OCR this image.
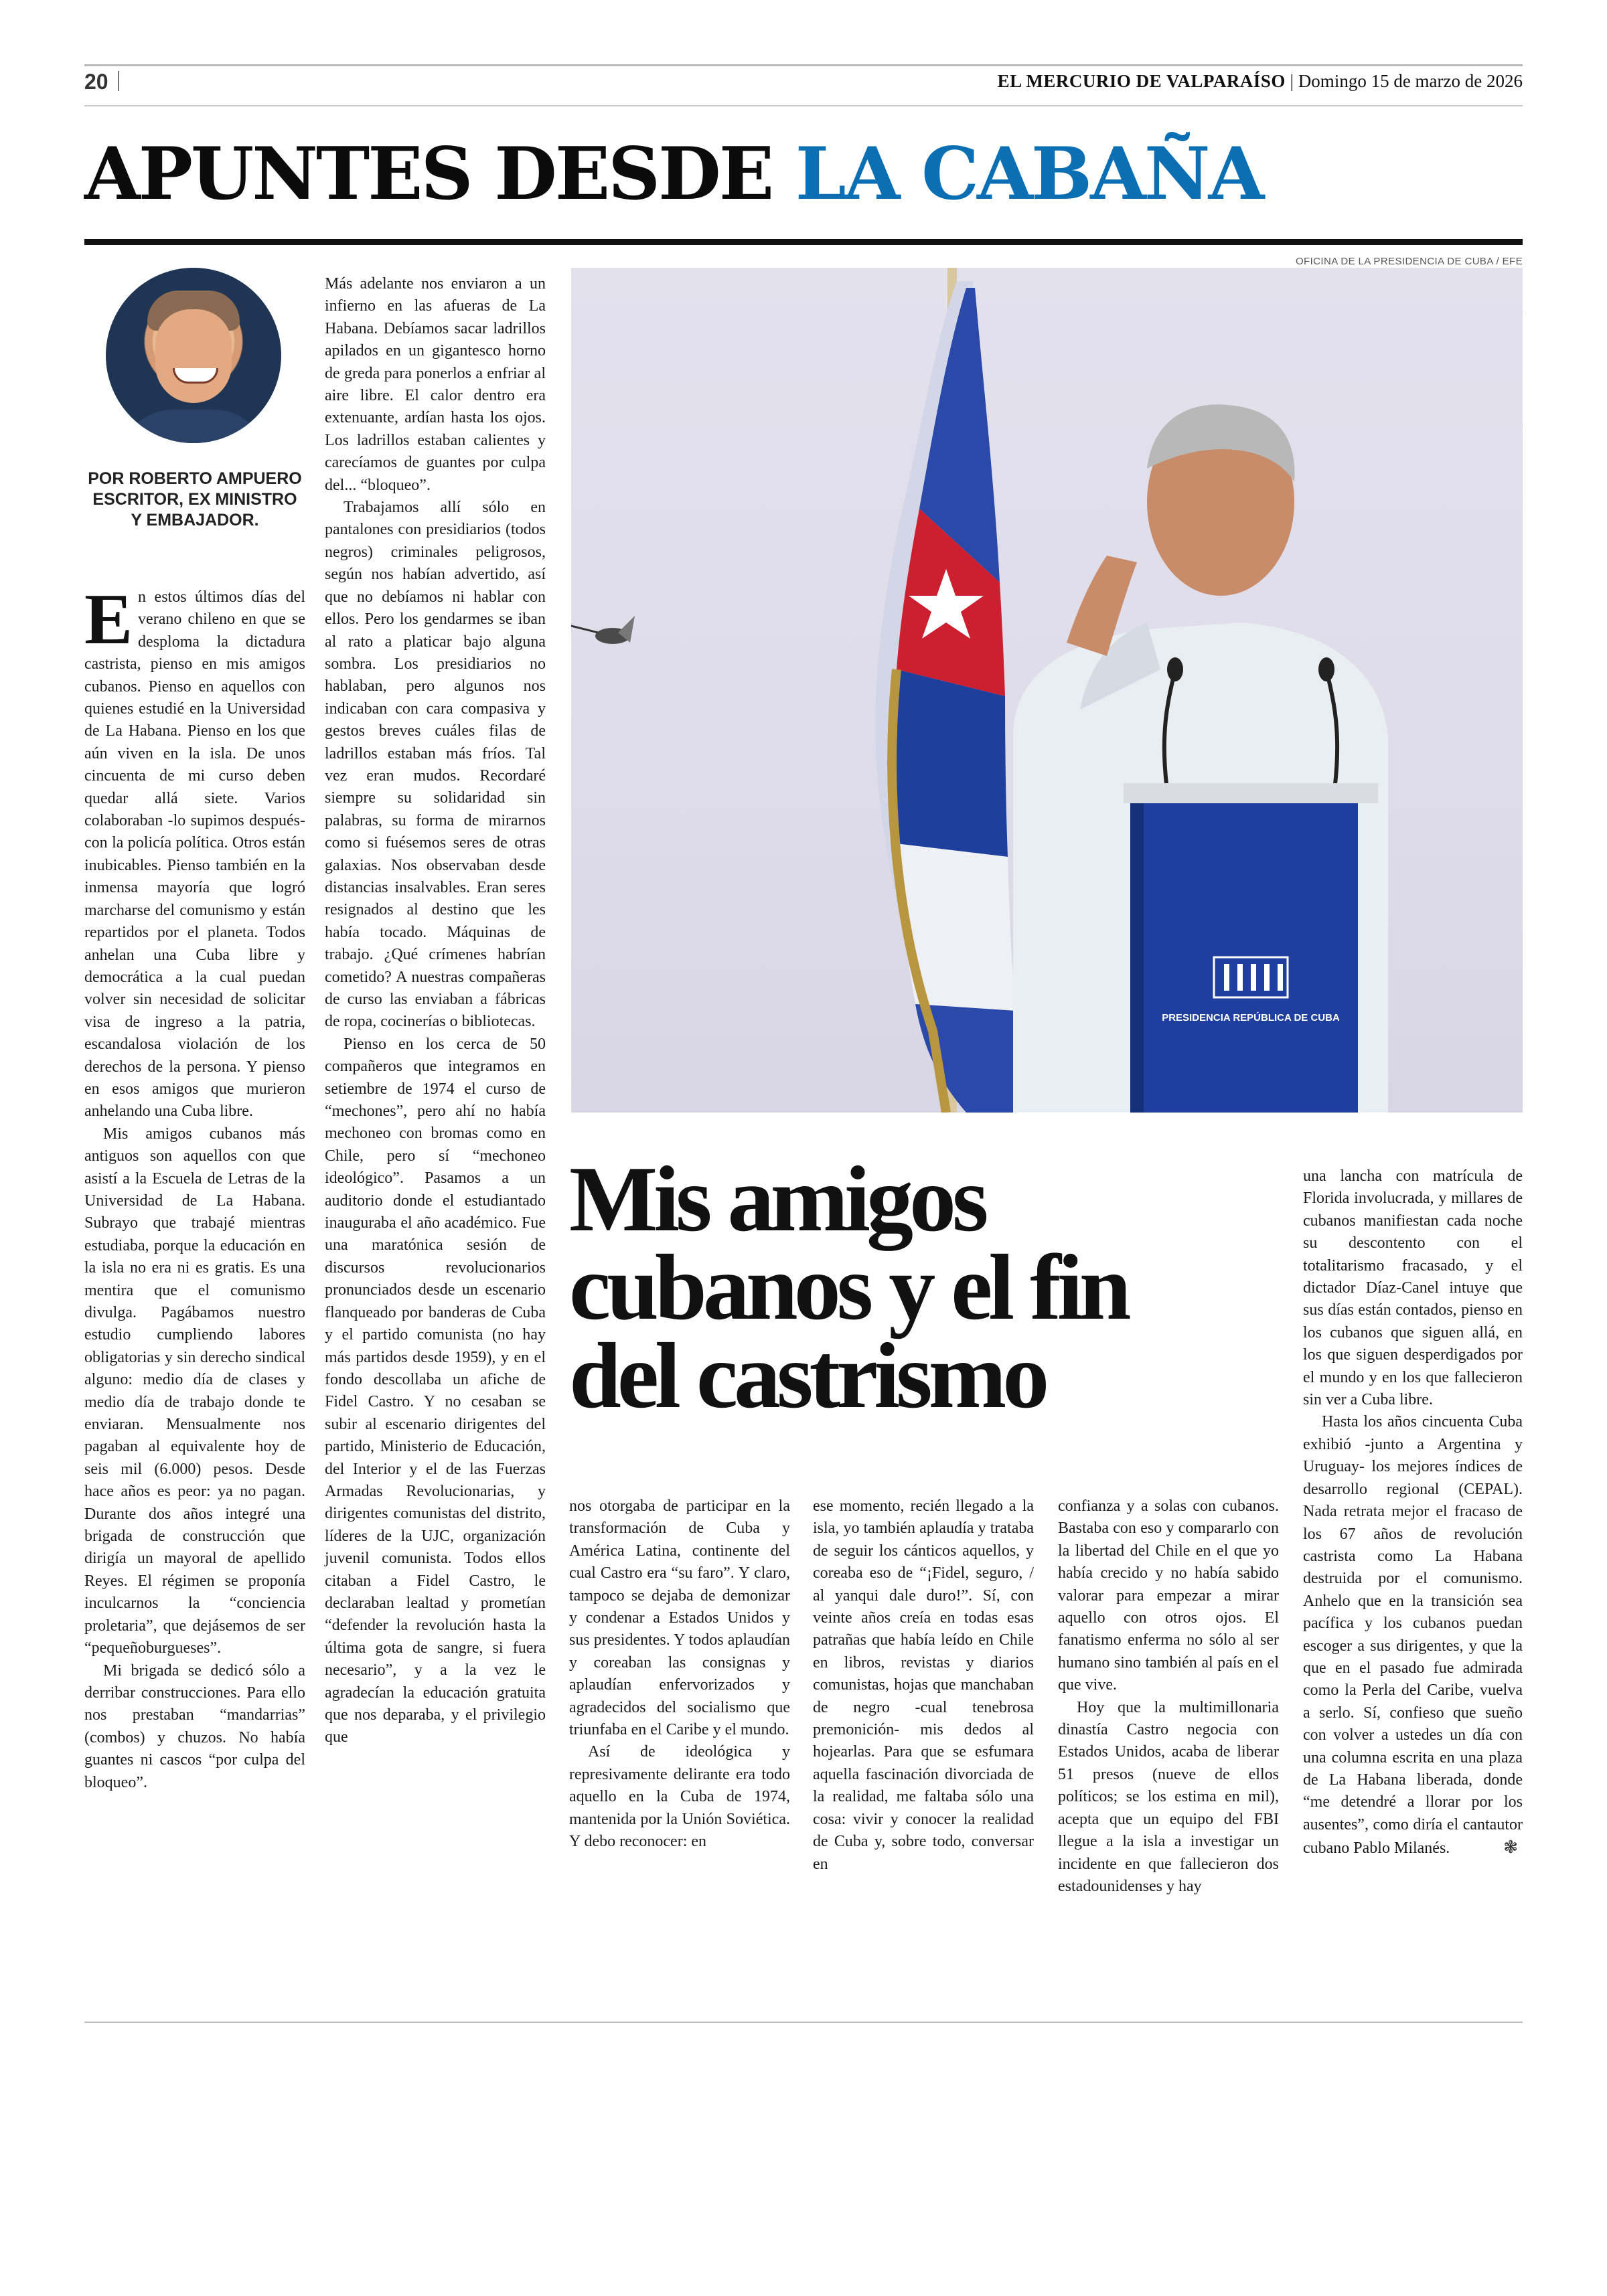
20	EL MERCURIO DE VALPARAÍSO | Domingo 15 de marzo de 2026
APUNTES DESDE LA CABAÑA
POR ROBERTO AMPUERO
ESCRITOR, EX MINISTRO
Y EMBAJADOR.

En estos últimos días del verano chileno en que se desploma la dictadura castrista, pienso en mis amigos cubanos. Pienso en aquellos con quienes estudié en la Universidad de La Habana. Pienso en los que aún viven en la isla. De unos cincuenta de mi curso deben quedar allá siete. Varios colaboraban -lo supimos después- con la policía política. Otros están inubicables. Pienso también en la inmensa mayoría que logró marcharse del comunismo y están repartidos por el planeta. Todos anhelan una Cuba libre y democrática a la cual puedan volver sin necesidad de solicitar visa de ingreso a la patria, escandalosa violación de los derechos de la persona. Y pienso en esos amigos que murieron anhelando una Cuba libre.

Mis amigos cubanos más antiguos son aquellos con que asistí a la Escuela de Letras de la Universidad de La Habana. Subrayo que trabajé mientras estudiaba, porque la educación en la isla no era ni es gratis. Es una mentira que el comunismo divulga. Pagábamos nuestro estudio cumpliendo labores obligatorias y sin derecho sindical alguno: medio día de clases y medio día de trabajo donde te enviaran. Mensualmente nos pagaban al equivalente hoy de seis mil (6.000) pesos. Desde hace años es peor: ya no pagan. Durante dos años integré una brigada de construcción que dirigía un mayoral de apellido Reyes. El régimen se proponía inculcarnos la “conciencia proletaria”, que dejásemos de ser “pequeñoburgueses”.

Mi brigada se dedicó sólo a derribar construcciones. Para ello nos prestaban “mandarrias” (combos) y chuzos. No había guantes ni cascos “por culpa del bloqueo”.

Más adelante nos enviaron a un infierno en las afueras de La Habana. Debíamos sacar ladrillos apilados en un gigantesco horno de greda para ponerlos a enfriar al aire libre. El calor dentro era extenuante, ardían hasta los ojos. Los ladrillos estaban calientes y carecíamos de guantes por culpa del... “bloqueo”.

Trabajamos allí sólo en pantalones con presidiarios (todos negros) criminales peligrosos, según nos habían advertido, así que no debíamos ni hablar con ellos. Pero los gendarmes se iban al rato a platicar bajo alguna sombra. Los presidiarios no hablaban, pero algunos nos indicaban con cara compasiva y gestos breves cuáles filas de ladrillos estaban más fríos. Tal vez eran mudos. Recordaré siempre su solidaridad sin palabras, su forma de mirarnos como si fuésemos seres de otras galaxias. Nos observaban desde distancias insalvables. Eran seres resignados al destino que les había tocado. Máquinas de trabajo. ¿Qué crímenes habrían cometido? A nuestras compañeras de curso las enviaban a fábricas de ropa, cocinerías o bibliotecas.

Pienso en los cerca de 50 compañeros que integramos en setiembre de 1974 el curso de “mechones”, pero ahí no había mechoneo con bromas como en Chile, pero sí “mechoneo ideológico”. Pasamos a un auditorio donde el estudiantado inauguraba el año académico. Fue una maratónica sesión de discursos revolucionarios pronunciados desde un escenario flanqueado por banderas de Cuba y el partido comunista (no hay más partidos desde 1959), y en el fondo descollaba un afiche de Fidel Castro. Y no cesaban se subir al escenario dirigentes del partido, Ministerio de Educación, del Interior y el de las Fuerzas Armadas Revolucionarias, y dirigentes comunistas del distrito, líderes de la UJC, organización juvenil comunista. Todos ellos citaban a Fidel Castro, le declaraban lealtad y prometían “defender la revolución hasta la última gota de sangre, si fuera necesario”, y a la vez le agradecían la educación gratuita que nos deparaba, y el privilegio que

OFICINA DE LA PRESIDENCIA DE CUBA / EFE
PRESIDENCIA REPÚBLICA DE CUBA
Mis amigos
cubanos y el fin
del castrismo

nos otorgaba de participar en la transformación de Cuba y América Latina, continente del cual Castro era “su faro”. Y claro, tampoco se dejaba de demonizar y condenar a Estados Unidos y sus presidentes. Y todos aplaudían y coreaban las consignas y aplaudían enfervorizados y agradecidos del socialismo que triunfaba en el Caribe y el mundo.

Así de ideológica y represivamente delirante era todo aquello en la Cuba de 1974, mantenida por la Unión Soviética. Y debo reconocer: en

ese momento, recién llegado a la isla, yo también aplaudía y trataba de seguir los cánticos aquellos, y coreaba eso de “¡Fidel, seguro, / al yanqui dale duro!”. Sí, con veinte años creía en todas esas patrañas que había leído en Chile en libros, revistas y diarios comunistas, hojas que manchaban de negro -cual tenebrosa premonición- mis dedos al hojearlas. Para que se esfumara aquella fascinación divorciada de la realidad, me faltaba sólo una cosa: vivir y conocer la realidad de Cuba y, sobre todo, conversar en

confianza y a solas con cubanos. Bastaba con eso y compararlo con la libertad del Chile en el que yo había crecido y no había sabido valorar para empezar a mirar aquello con otros ojos. El fanatismo enferma no sólo al ser humano sino también al país en el que vive.

Hoy que la multimillonaria dinastía Castro negocia con Estados Unidos, acaba de liberar 51 presos (nueve de ellos políticos; se los estima en mil), acepta que un equipo del FBI llegue a la isla a investigar un incidente en que fallecieron dos estadounidenses y hay

una lancha con matrícula de Florida involucrada, y millares de cubanos manifiestan cada noche su descontento con el totalitarismo fracasado, y el dictador Díaz-Canel intuye que sus días están contados, pienso en los cubanos que siguen allá, en los que siguen desperdigados por el mundo y en los que fallecieron sin ver a Cuba libre.

Hasta los años cincuenta Cuba exhibió -junto a Argentina y Uruguay- los mejores índices de desarrollo regional (CEPAL). Nada retrata mejor el fracaso de los 67 años de revolución castrista como La Habana destruida por el comunismo. Anhelo que en la transición sea pacífica y los cubanos puedan escoger a sus dirigentes, y que la que en el pasado fue admirada como la Perla del Caribe, vuelva a serlo. Sí, confieso que sueño con volver a ustedes un día con una columna escrita en una plaza de La Habana liberada, donde “me detendré a llorar por los ausentes”, como diría el cantautor cubano Pablo Milanés.	❃
